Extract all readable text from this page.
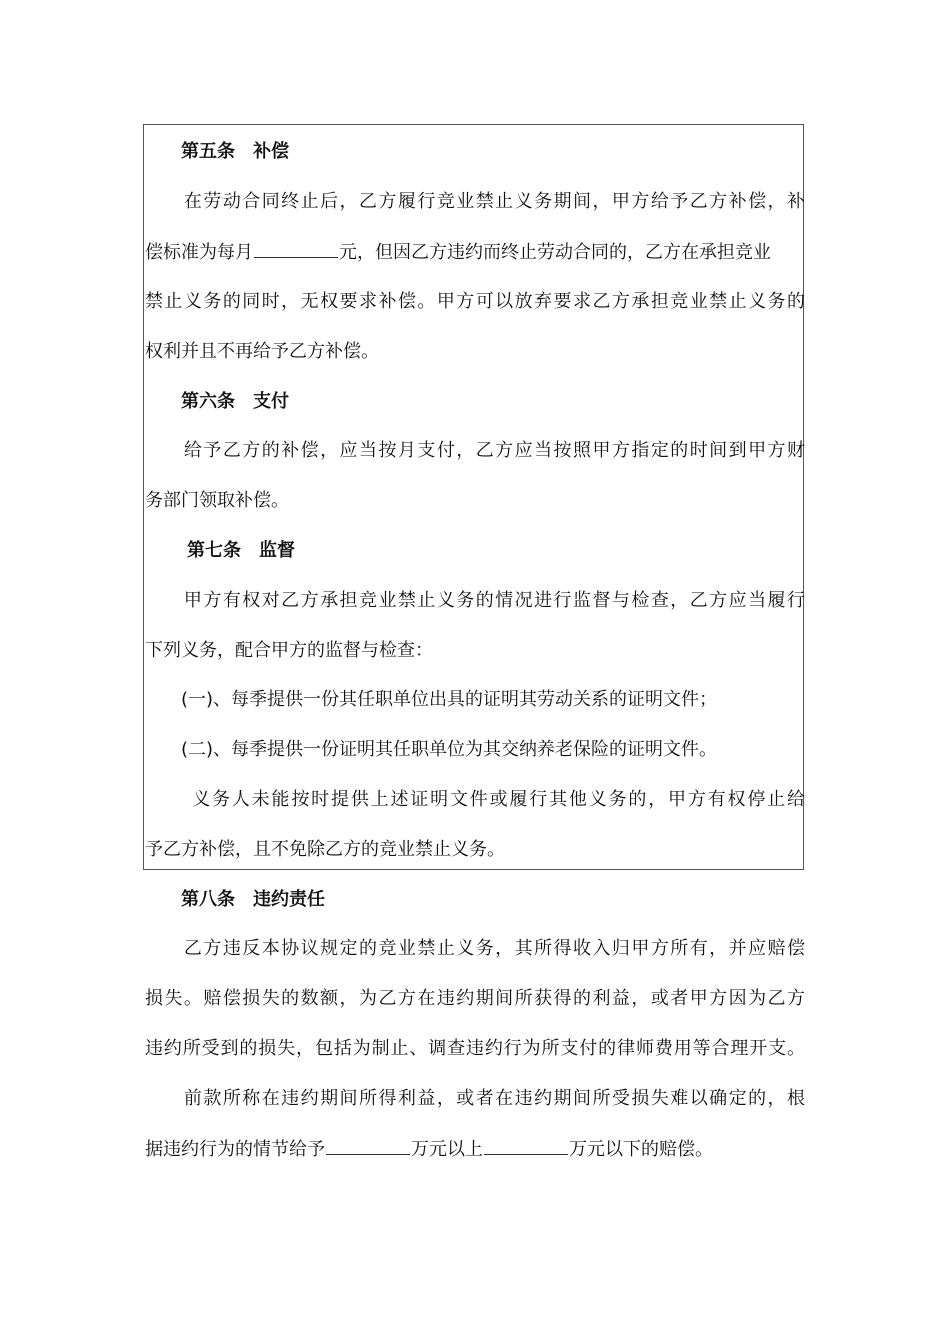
第五条　补偿
　　在劳动合同终止后，乙方履行竞业禁止义务期间，甲方给予乙方补偿，补
偿标准为每月	元，但因乙方违约而终止劳动合同的，乙方在承担竞业
禁止义务的同时，无权要求补偿。甲方可以放弃要求乙方承担竞业禁止义务的
权利并且不再给予乙方补偿。
第六条　支付
　　给予乙方的补偿，应当按月支付，乙方应当按照甲方指定的时间到甲方财
务部门领取补偿。
第七条　监督
　　甲方有权对乙方承担竞业禁止义务的情况进行监督与检查，乙方应当履行
下列义务，配合甲方的监督与检查：
　　(一)、每季提供一份其任职单位出具的证明其劳动关系的证明文件；
　　(二)、每季提供一份证明其任职单位为其交纳养老保险的证明文件。
　　 义务人未能按时提供上述证明文件或履行其他义务的，甲方有权停止给
予乙方补偿，且不免除乙方的竞业禁止义务。
第八条　违约责任
　　乙方违反本协议规定的竞业禁止义务，其所得收入归甲方所有，并应赔偿
损失。赔偿损失的数额，为乙方在违约期间所获得的利益，或者甲方因为乙方
违约所受到的损失，包括为制止、调查违约行为所支付的律师费用等合理开支。
　　前款所称在违约期间所得利益，或者在违约期间所受损失难以确定的，根
据违约行为的情节给予	万元以上	万元以下的赔偿。
